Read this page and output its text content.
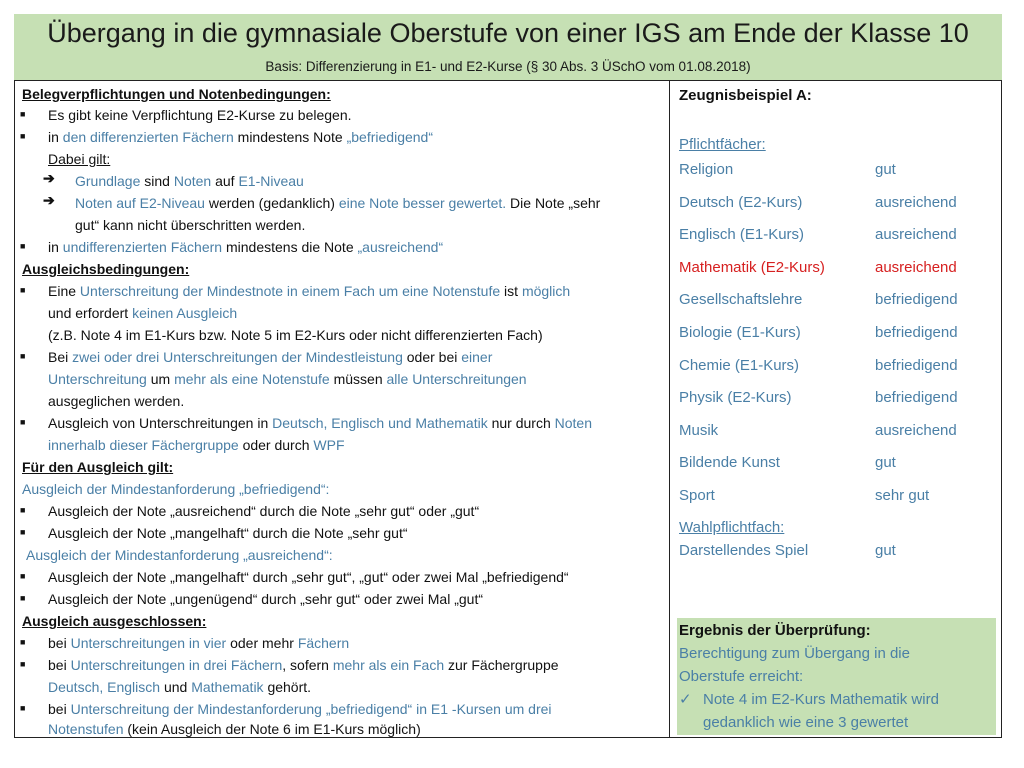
Übergang in die gymnasiale Oberstufe von einer IGS am Ende der Klasse 10
Basis: Differenzierung in E1- und E2-Kurse (§ 30 Abs. 3 ÜSchO vom 01.08.2018)
Belegverpflichtungen und Notenbedingungen:
■ Es gibt keine Verpflichtung E2-Kurse zu belegen.
■ in den differenzierten Fächern mindestens Note „befriedigend“
Dabei gilt:
➔ Grundlage sind Noten auf E1-Niveau
➔ Noten auf E2-Niveau werden (gedanklich) eine Note besser gewertet. Die Note „sehr
gut“ kann nicht überschritten werden.
■ in undifferenzierten Fächern mindestens die Note „ausreichend“
Ausgleichsbedingungen:
■ Eine Unterschreitung der Mindestnote in einem Fach um eine Notenstufe ist möglich
und erfordert keinen Ausgleich
(z.B. Note 4 im E1-Kurs bzw. Note 5 im E2-Kurs oder nicht differenzierten Fach)
■ Bei zwei oder drei Unterschreitungen der Mindestleistung oder bei einer
Unterschreitung um mehr als eine Notenstufe müssen alle Unterschreitungen
ausgeglichen werden.
■ Ausgleich von Unterschreitungen in Deutsch, Englisch und Mathematik nur durch Noten
innerhalb dieser Fächergruppe oder durch WPF
Für den Ausgleich gilt:
Ausgleich der Mindestanforderung „befriedigend“:
■ Ausgleich der Note „ausreichend“ durch die Note „sehr gut“ oder „gut“
■ Ausgleich der Note „mangelhaft“ durch die Note „sehr gut“
Ausgleich der Mindestanforderung „ausreichend“:
■ Ausgleich der Note „mangelhaft“ durch „sehr gut“, „gut“ oder zwei Mal „befriedigend“
■ Ausgleich der Note „ungenügend“ durch „sehr gut“ oder zwei Mal „gut“
Ausgleich ausgeschlossen:
■ bei Unterschreitungen in vier oder mehr Fächern
■ bei Unterschreitungen in drei Fächern, sofern mehr als ein Fach zur Fächergruppe
Deutsch, Englisch und Mathematik gehört.
■ bei Unterschreitung der Mindestanforderung „befriedigend“ in E1 -Kursen um drei
Notenstufen (kein Ausgleich der Note 6 im E1-Kurs möglich)
Zeugnisbeispiel A:
Pflichtfächer:
Religion	gut
Deutsch (E2-Kurs)	ausreichend
Englisch (E1-Kurs)	ausreichend
Mathematik (E2-Kurs)	ausreichend
Gesellschaftslehre	befriedigend
Biologie (E1-Kurs)	befriedigend
Chemie (E1-Kurs)	befriedigend
Physik (E2-Kurs)	befriedigend
Musik	ausreichend
Bildende Kunst	gut
Sport	sehr gut
Wahlpflichtfach:
Darstellendes Spiel	gut
Ergebnis der Überprüfung:
Berechtigung zum Übergang in die
Oberstufe erreicht:
✓ Note 4 im E2-Kurs Mathematik wird
gedanklich wie eine 3 gewertet
